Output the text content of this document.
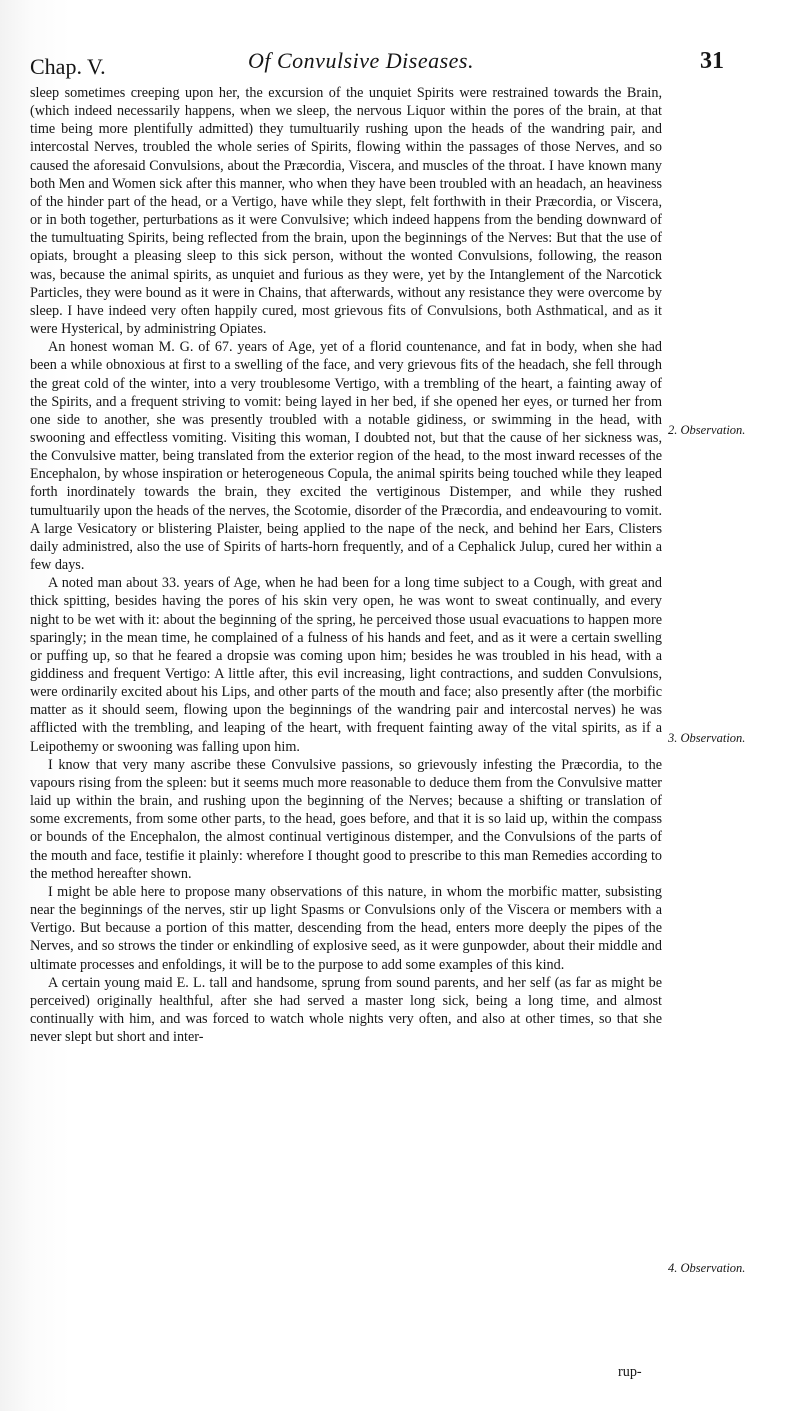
Chap. V.	Of Convulsive Diseases.	31

sleep sometimes creeping upon her, the excursion of the unquiet Spirits were restrained towards the Brain, (which indeed necessarily happens, when we sleep, the nervous Liquor within the pores of the brain, at that time being more plentifully admitted) they tumultuarily rushing upon the heads of the wandring pair, and intercostal Nerves, troubled the whole series of Spirits, flowing within the passages of those Nerves, and so caused the aforesaid Convulsions, about the Præcordia, Viscera, and muscles of the throat. I have known many both Men and Women sick after this manner, who when they have been troubled with an headach, an heaviness of the hinder part of the head, or a Vertigo, have while they slept, felt forthwith in their Præcordia, or Viscera, or in both together, perturbations as it were Convulsive; which indeed happens from the bending downward of the tumultuating Spirits, being reflected from the brain, upon the beginnings of the Nerves: But that the use of opiats, brought a pleasing sleep to this sick person, without the wonted Convulsions, following, the reason was, because the animal spirits, as unquiet and furious as they were, yet by the Intanglement of the Narcotick Particles, they were bound as it were in Chains, that afterwards, without any resistance they were overcome by sleep. I have indeed very often happily cured, most grievous fits of Convulsions, both Asthmatical, and as it were Hysterical, by administring Opiates.

An honest woman M. G. of 67. years of Age, yet of a florid countenance, and fat in body, when she had been a while obnoxious at first to a swelling of the face, and very grievous fits of the headach, she fell through the great cold of the winter, into a very troublesome Vertigo, with a trembling of the heart, a fainting away of the Spirits, and a frequent striving to vomit: being layed in her bed, if she opened her eyes, or turned her from one side to another, she was presently troubled with a notable gidiness, or swimming in the head, with swooning and effectless vomiting. Visiting this woman, I doubted not, but that the cause of her sickness was, the Convulsive matter, being translated from the exterior region of the head, to the most inward recesses of the Encephalon, by whose inspiration or heterogeneous Copula, the animal spirits being touched while they leaped forth inordinately towards the brain, they excited the vertiginous Distemper, and while they rushed tumultuarily upon the heads of the nerves, the Scotomie, disorder of the Præcordia, and endeavouring to vomit. A large Vesicatory or blistering Plaister, being applied to the nape of the neck, and behind her Ears, Clisters daily administred, also the use of Spirits of harts-horn frequently, and of a Cephalick Julup, cured her within a few days.

A noted man about 33. years of Age, when he had been for a long time subject to a Cough, with great and thick spitting, besides having the pores of his skin very open, he was wont to sweat continually, and every night to be wet with it: about the beginning of the spring, he perceived those usual evacuations to happen more sparingly; in the mean time, he complained of a fulness of his hands and feet, and as it were a certain swelling or puffing up, so that he feared a dropsie was coming upon him; besides he was troubled in his head, with a giddiness and frequent Vertigo: A little after, this evil increasing, light contractions, and sudden Convulsions, were ordinarily excited about his Lips, and other parts of the mouth and face; also presently after (the morbific matter as it should seem, flowing upon the beginnings of the wandring pair and intercostal nerves) he was afflicted with the trembling, and leaping of the heart, with frequent fainting away of the vital spirits, as if a Leipothemy or swooning was falling upon him.

I know that very many ascribe these Convulsive passions, so grievously infesting the Præcordia, to the vapours rising from the spleen: but it seems much more reasonable to deduce them from the Convulsive matter laid up within the brain, and rushing upon the beginning of the Nerves; because a shifting or translation of some excrements, from some other parts, to the head, goes before, and that it is so laid up, within the compass or bounds of the Encephalon, the almost continual vertiginous distemper, and the Convulsions of the parts of the mouth and face, testifie it plainly: wherefore I thought good to prescribe to this man Remedies according to the method hereafter shown.

I might be able here to propose many observations of this nature, in whom the morbific matter, subsisting near the beginnings of the nerves, stir up light Spasms or Convulsions only of the Viscera or members with a Vertigo. But because a portion of this matter, descending from the head, enters more deeply the pipes of the Nerves, and so strows the tinder or enkindling of explosive seed, as it were gunpowder, about their middle and ultimate processes and enfoldings, it will be to the purpose to add some examples of this kind.

A certain young maid E. L. tall and handsome, sprung from sound parents, and her self (as far as might be perceived) originally healthful, after she had served a master long sick, being a long time, and almost continually with him, and was forced to watch whole nights very often, and also at other times, so that she never slept but short and inter-

2. Observation.
3. Observation.
4. Observation.
rup-
